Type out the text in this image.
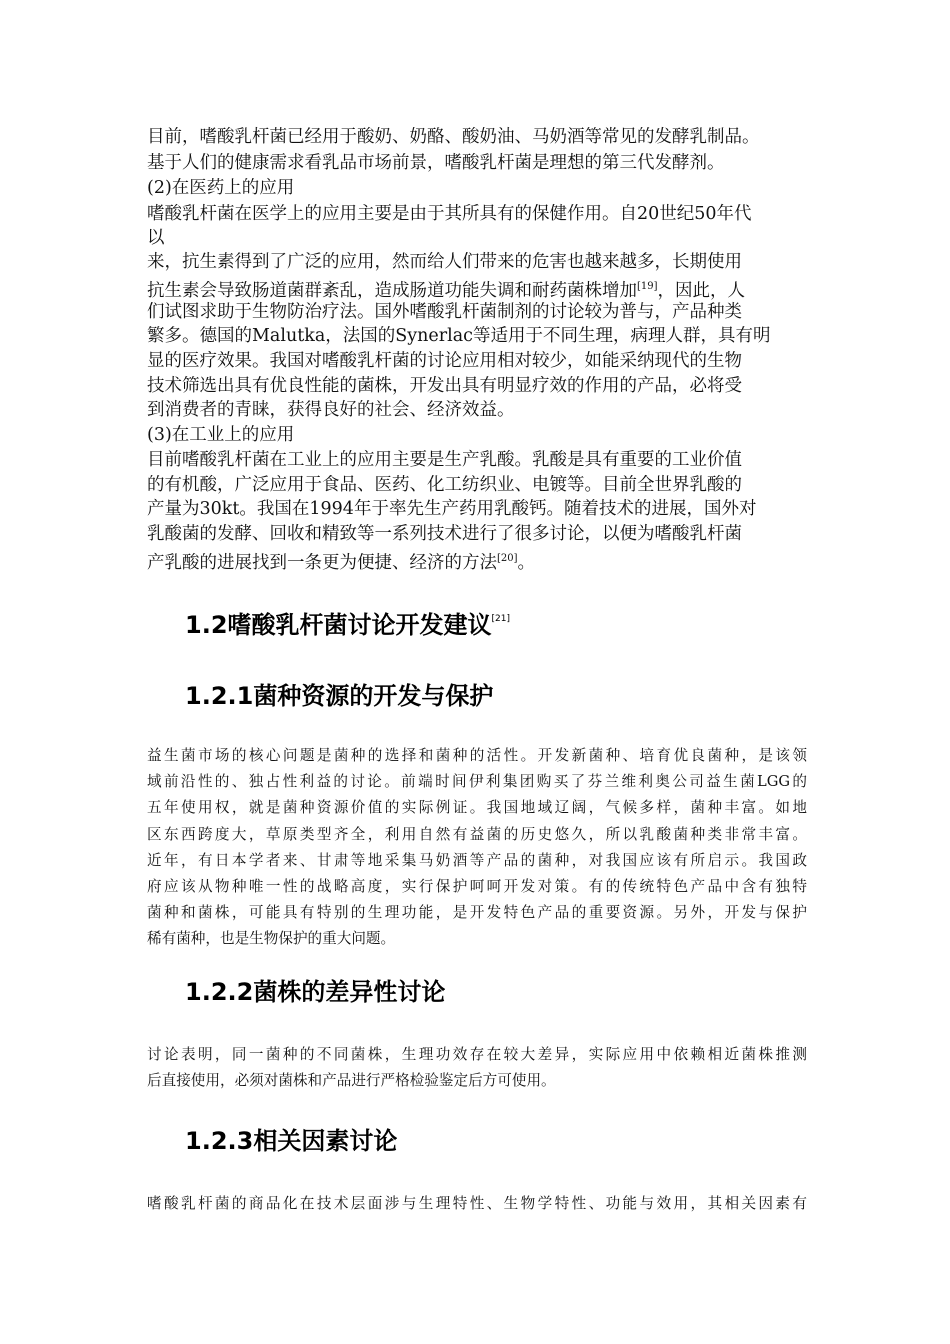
目前，嗜酸乳杆菌已经用于酸奶、奶酪、酸奶油、马奶酒等常见的发酵乳制品。
基于人们的健康需求看乳品市场前景，嗜酸乳杆菌是理想的第三代发酵剂。
(2)在医药上的应用
嗜酸乳杆菌在医学上的应用主要是由于其所具有的保健作用。自20世纪50年代
以
来，抗生素得到了广泛的应用，然而给人们带来的危害也越来越多，长期使用
抗生素会导致肠道菌群紊乱，造成肠道功能失调和耐药菌株增加[19]，因此，人
们试图求助于生物防治疗法。国外嗜酸乳杆菌制剂的讨论较为普与，产品种类
繁多。德国的Malutka，法国的Synerlac等适用于不同生理，病理人群，具有明
显的医疗效果。我国对嗜酸乳杆菌的讨论应用相对较少，如能采纳现代的生物
技术筛选出具有优良性能的菌株，开发出具有明显疗效的作用的产品，必将受
到消费者的青睐，获得良好的社会、经济效益。
(3)在工业上的应用
目前嗜酸乳杆菌在工业上的应用主要是生产乳酸。乳酸是具有重要的工业价值
的有机酸，广泛应用于食品、医药、化工纺织业、电镀等。目前全世界乳酸的
产量为30kt。我国在1994年于率先生产药用乳酸钙。随着技术的进展，国外对
乳酸菌的发酵、回收和精致等一系列技术进行了很多讨论，以便为嗜酸乳杆菌
产乳酸的进展找到一条更为便捷、经济的方法[20]。
1.2嗜酸乳杆菌讨论开发建议[21]
1.2.1菌种资源的开发与保护
益生菌市场的核心问题是菌种的选择和菌种的活性。开发新菌种、培育优良菌种，是该领
域前沿性的、独占性利益的讨论。前端时间伊利集团购买了芬兰维利奥公司益生菌LGG的
五年使用权，就是菌种资源价值的实际例证。我国地域辽阔，气候多样，菌种丰富。如地
区东西跨度大，草原类型齐全，利用自然有益菌的历史悠久，所以乳酸菌种类非常丰富。
近年，有日本学者来、甘肃等地采集马奶酒等产品的菌种，对我国应该有所启示。我国政
府应该从物种唯一性的战略高度，实行保护呵呵开发对策。有的传统特色产品中含有独特
菌种和菌株，可能具有特别的生理功能，是开发特色产品的重要资源。另外，开发与保护
稀有菌种，也是生物保护的重大问题。
1.2.2菌株的差异性讨论
讨论表明，同一菌种的不同菌株，生理功效存在较大差异，实际应用中依赖相近菌株推测
后直接使用，必须对菌株和产品进行严格检验鉴定后方可使用。
1.2.3相关因素讨论
嗜酸乳杆菌的商品化在技术层面涉与生理特性、生物学特性、功能与效用，其相关因素有
